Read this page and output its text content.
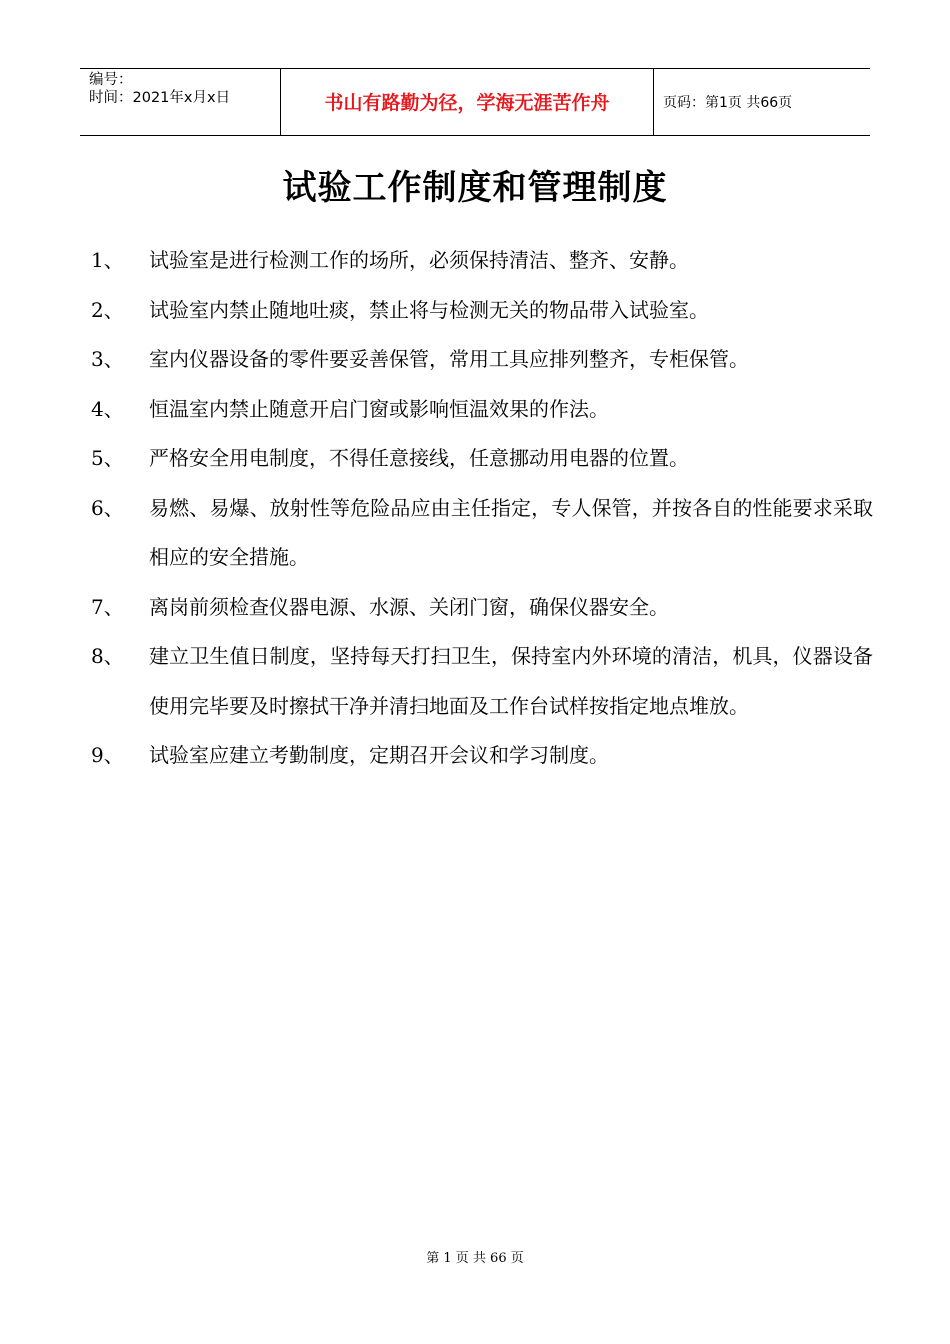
编号：
时间：2021年x月x日	书山有路勤为径，学海无涯苦作舟	页码：第1页 共66页
试验工作制度和管理制度
1、 试验室是进行检测工作的场所，必须保持清洁、整齐、安静。
2、 试验室内禁止随地吐痰，禁止将与检测无关的物品带入试验室。
3、 室内仪器设备的零件要妥善保管，常用工具应排列整齐，专柜保管。
4、 恒温室内禁止随意开启门窗或影响恒温效果的作法。
5、 严格安全用电制度，不得任意接线，任意挪动用电器的位置。
6、 易燃、易爆、放射性等危险品应由主任指定，专人保管，并按各自的性能要求采取相应的安全措施。
7、 离岗前须检查仪器电源、水源、关闭门窗，确保仪器安全。
8、 建立卫生值日制度，坚持每天打扫卫生，保持室内外环境的清洁，机具，仪器设备使用完毕要及时擦拭干净并清扫地面及工作台试样按指定地点堆放。
9、 试验室应建立考勤制度，定期召开会议和学习制度。
第 1 页 共 66 页
